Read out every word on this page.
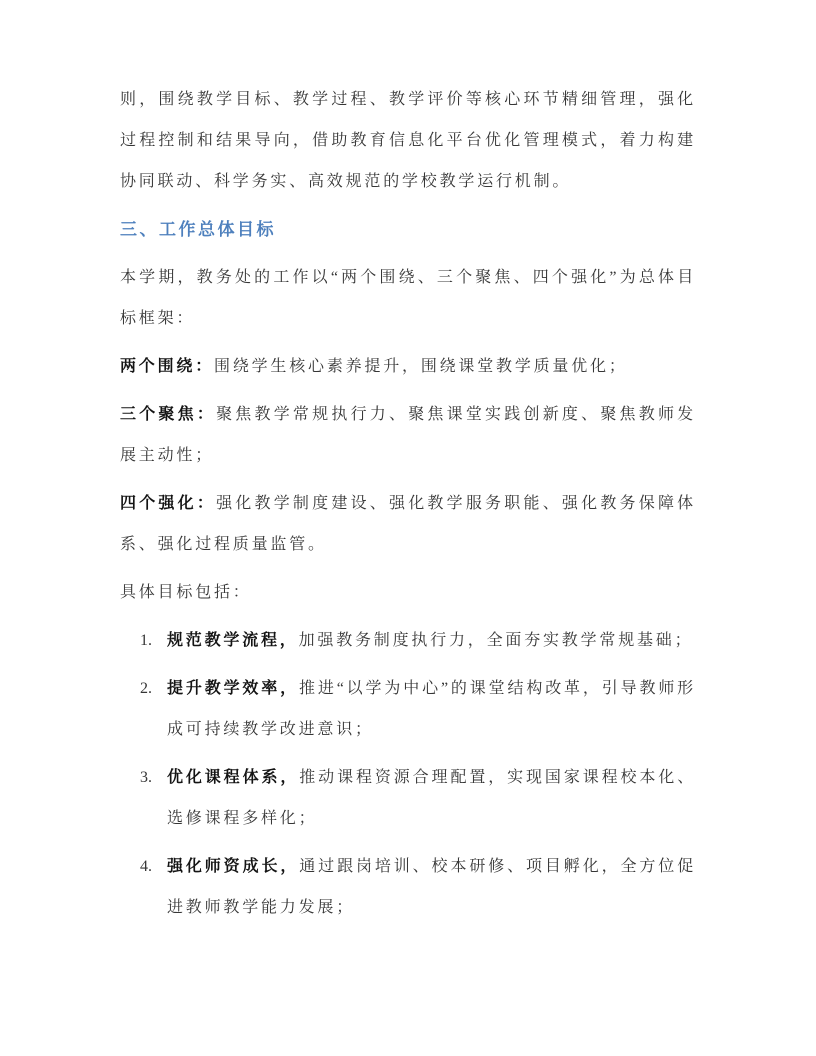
则，围绕教学目标、教学过程、教学评价等核心环节精细管理，强化过程控制和结果导向，借助教育信息化平台优化管理模式，着力构建协同联动、科学务实、高效规范的学校教学运行机制。

三、工作总体目标

本学期，教务处的工作以“两个围绕、三个聚焦、四个强化”为总体目标框架：

两个围绕：围绕学生核心素养提升，围绕课堂教学质量优化；

三个聚焦：聚焦教学常规执行力、聚焦课堂实践创新度、聚焦教师发展主动性；

四个强化：强化教学制度建设、强化教学服务职能、强化教务保障体系、强化过程质量监管。

具体目标包括：

1. 规范教学流程，加强教务制度执行力，全面夯实教学常规基础；
2. 提升教学效率，推进“以学为中心”的课堂结构改革，引导教师形成可持续教学改进意识；
3. 优化课程体系，推动课程资源合理配置，实现国家课程校本化、选修课程多样化；
4. 强化师资成长，通过跟岗培训、校本研修、项目孵化，全方位促进教师教学能力发展；
